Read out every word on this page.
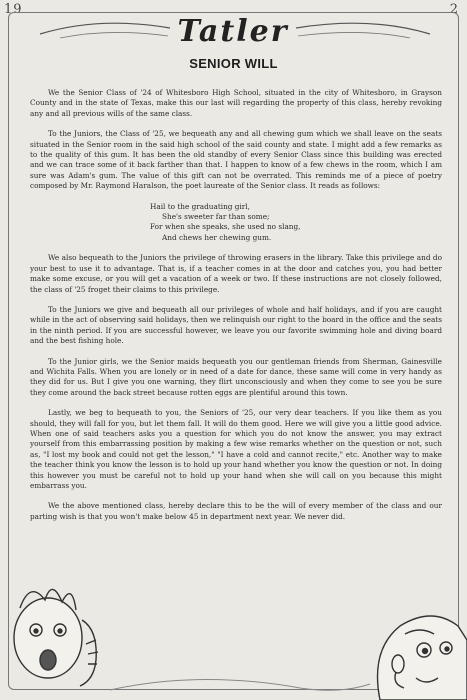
19	2
Tatler
SENIOR WILL

We the Senior Class of '24 of Whitesboro High School, situated in the city of Whitesboro, in Grayson County and in the state of Texas, make this our last will regarding the property of this class, hereby revoking any and all previous wills of the same class.

To the Juniors, the Class of '25, we bequeath any and all chewing gum which we shall leave on the seats situated in the Senior room in the said high school of the said county and state. I might add a few remarks as to the quality of this gum. It has been the old standby of every Senior Class since this building was erected and we can trace some of it back farther than that. I happen to know of a few chews in the room, which I am sure was Adam's gum. The value of this gift can not be overrated. This reminds me of a piece of poetry composed by Mr. Raymond Haralson, the poet laureate of the Senior class. It reads as follows:

Hail to the graduating girl,
She's sweeter far than some;
For when she speaks, she used no slang,
And chews her chewing gum.

We also bequeath to the Juniors the privilege of throwing erasers in the library. Take this privilege and do your best to use it to advantage. That is, if a teacher comes in at the door and catches you, you had better make some excuse, or you will get a vacation of a week or two. If these instructions are not closely followed, the class of '25 froget their claims to this privilege.

To the Juniors we give and bequeath all our privileges of whole and half holidays, and if you are caught while in the act of observing said holidays, then we relinquish our right to the board in the office and the seats in the ninth period. If you are successful however, we leave you our favorite swimming hole and diving board and the best fishing hole.

To the Junior girls, we the Senior maids bequeath you our gentleman friends from Sherman, Gainesville and Wichita Falls. When you are lonely or in need of a date for dance, these same will come in very handy as they did for us. But I give you one warning, they flirt unconsciously and when they come to see you be sure they come around the back street because rotten eggs are plentiful around this town.

Lastly, we beg to bequeath to you, the Seniors of '25, our very dear teachers. If you like them as you should, they will fall for you, but let them fall. It will do them good. Here we will give you a little good advice. When one of said teachers asks you a question for which you do not know the answer, you may extract yourself from this embarrassing position by making a few wise remarks whether on the question or not, such as, "I lost my book and could not get the lesson," "I have a cold and cannot recite," etc. Another way to make the teacher think you know the lesson is to hold up your hand whether you know the question or not. In doing this however you must be careful not to hold up your hand when she will call on you because this might embarrass you.

We the above mentioned class, hereby declare this to be the will of every member of the class and our parting wish is that you won't make below 45 in department next year. We never did.
